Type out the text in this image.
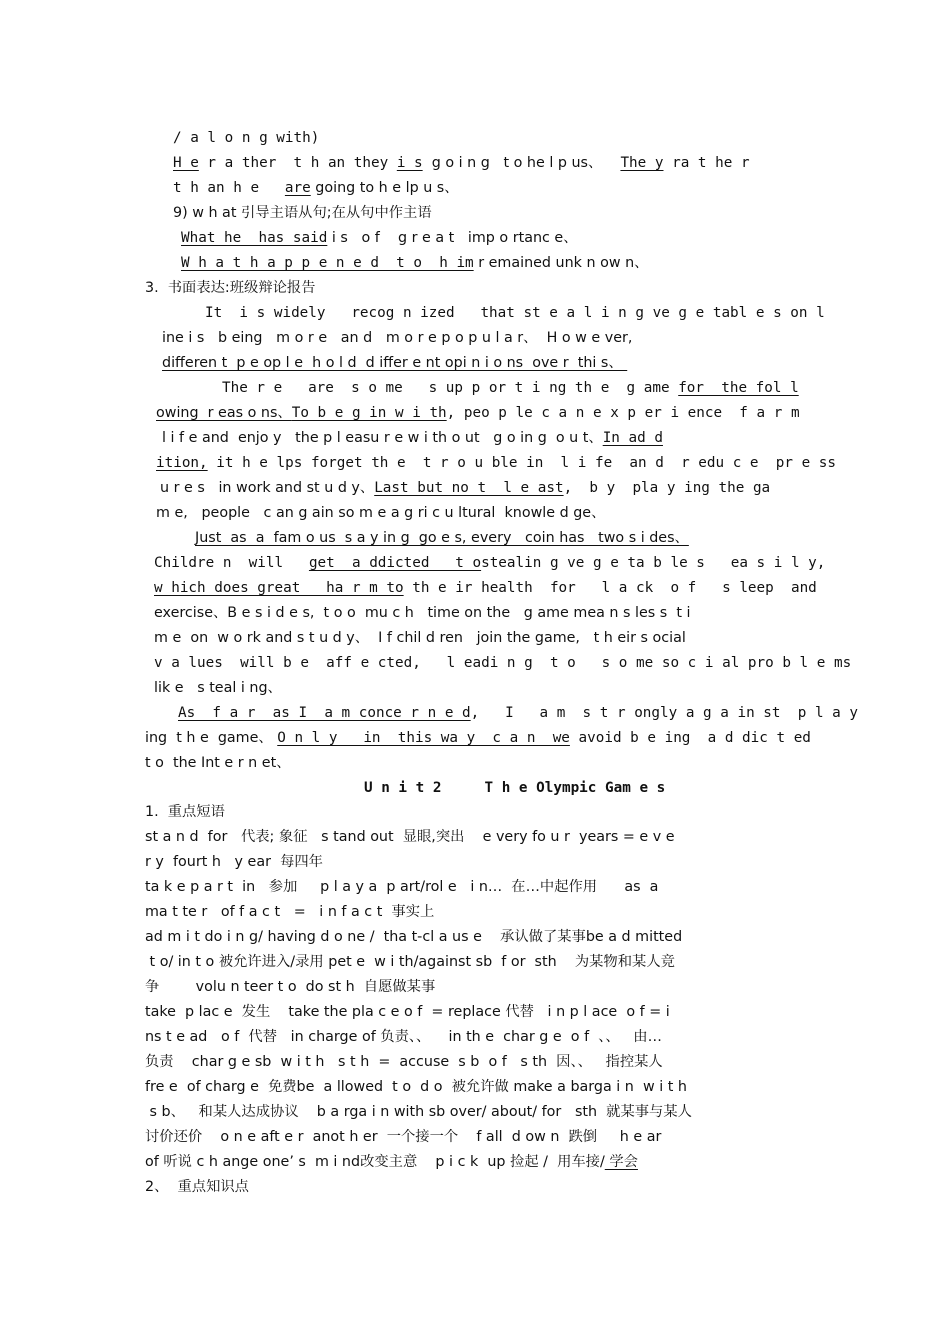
/ a l o n g with)
H e r a ther  t h an they i s  g o i n g   t o he l p us、    The y ra t he r
t h an h e   are going to h e lp u s、
9) w h at 引导主语从句;在从句中作主语
What he  has said i s   o f    g r e a t   imp o rtanc e、
W h a t h a p p e n e d  t o  h im r emained unk n ow n、
3.  书面表达:班级辩论报告
It  i s widely   recog n ized   that st e a l i n g ve g e tabl e s on l
ine i s   b eing   m o r e   an d   m o r e p o p u l a r、  H o w e ver,
differen t  p e op l e  h o l d  d iffer e nt opi n i o ns  ove r  thi s、
The r e   are  s o me   s up p or t i ng th e  g ame for  the fol l
owing  r eas o ns、To b e g in w i th, peo p le c a n e x p er i ence  f a r m
l i f e and  enjo y   the p l easu r e w i th o ut   g o in g  o u t、In ad d
ition, it h e lps forget th e  t r o u ble in  l i fe  an d  r edu c e  pr e ss
u r e s   in work and st u d y、Last but no t  l e ast,  b y  pla y ing the ga
m e,   people   c an g ain so m e a g ri c u ltural  knowle d ge、
Just  as  a  fam o us  s a y in g  go e s, every   coin has   two s i des、
Childre n  will   get  a ddicted   t ostealin g ve g e ta b le s   ea s i l y,
w hich does great   ha r m to th e ir health  for   l a ck  o f   s leep  and
exercise、B e s i d e s,  t o o  mu c h   time on the   g ame mea n s les s  t i
m e  on  w o rk and s t u d y、  I f chil d ren   join the game,   t h eir s ocial
v a lues  will b e  aff e cted,   l eadi n g  t o   s o me so c i al pro b l e ms
lik e   s teal i ng、
As  f a r  as I  a m conce r n e d,   I   a m  s t r ongly a g a in st  p l a y
ing  t h e  game、 O n l y   in  this wa y  c a n  we avoid b e ing  a d dic t ed
t o  the Int e r n et、
U n i t 2     T h e Olympic Gam e s
1.  重点短语
st a n d  for   代表; 象征   s tand out  显眼,突出    e very fo u r  years = e v e
r y  fourt h   y ear  每四年
ta k e p a r t  in   参加     p l a y a  p art/rol e   i n…  在…中起作用      as  a
ma t te r   of f a c t   =   i n f a c t  事实上
ad m i t do i n g/ having d o ne /  tha t-cl a us e    承认做了某事be a d mitted
t o/ in t o 被允许进入/录用 pet e  w i th/against sb  f or  sth    为某物和某人竞
争        volu n teer t o  do st h  自愿做某事
take  p lac e  发生    take the pla c e o f  = replace 代替   i n p l ace  o f = i
ns t e ad   o f  代替   in charge of 负责、、    in th e  char g e  o f  、、   由…
负责    char g e sb  w i t h   s t h  =  accuse  s b  o f   s th  因、、   指控某人
fre e  of charg e  免费be  a llowed  t o  d o  被允许做 make a barga i n  w i t h
s b、   和某人达成协议    b a rga i n with sb over/ about/ for   sth  就某事与某人
讨价还价    o n e aft e r  anot h er  一个接一个    f all  d ow n  跌倒     h e ar
of 听说 c h ange one’ s  m i nd改变主意    p i c k  up 捡起 /  用车接/ 学会
2、  重点知识点
